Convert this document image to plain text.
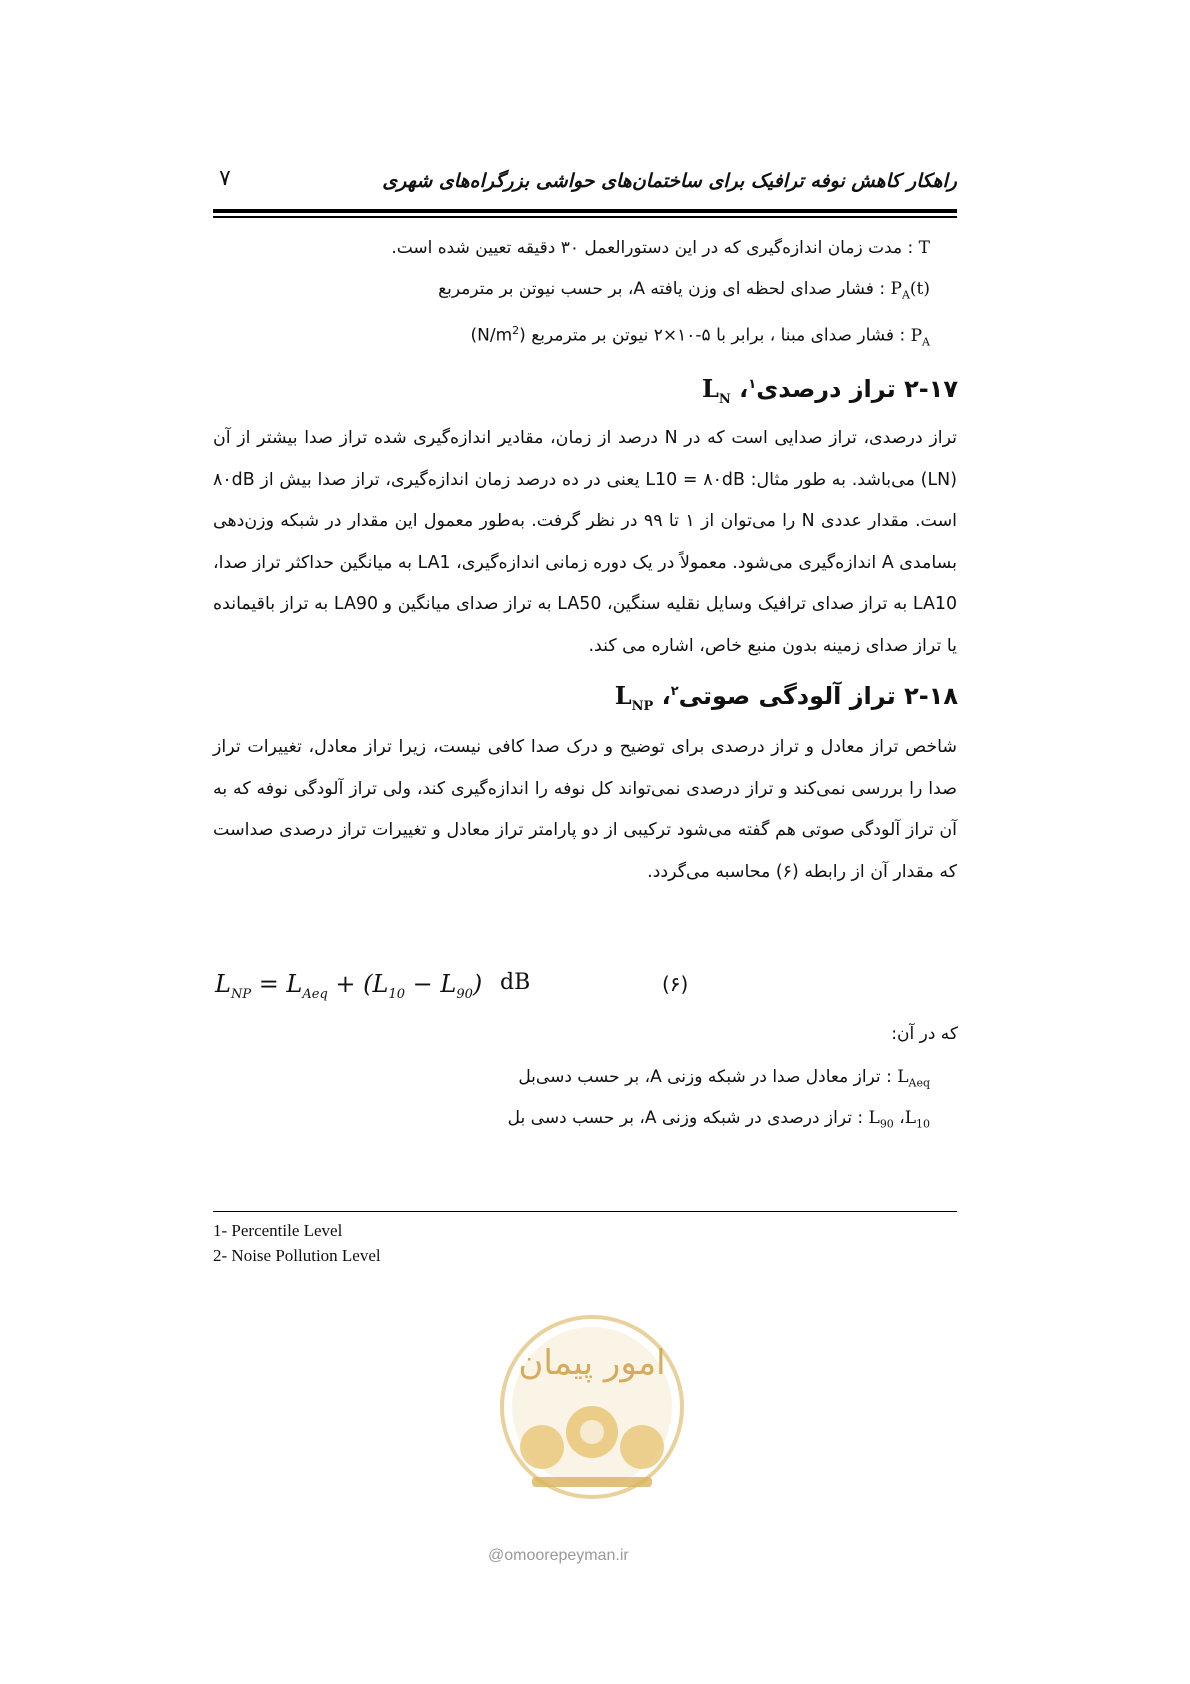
راهکار کاهش نوفه ترافیک برای ساختمان‌های حواشی بزرگراه‌های شهری
۷
T : مدت زمان اندازه‌گیری که در این دستورالعمل ۳۰ دقیقه تعیین شده است.
$P_A(t)$ : فشار صدای لحظه ای وزن یافته A، بر حسب نیوتن بر مترمربع
$P_A$ : فشار صدای مبنا ، برابر با ۵-۱۰×۲ نیوتن بر مترمربع $(N/m^2)$
۲-۱۷ تراز درصدی$^۱$، $L_N$
تراز درصدی، تراز صدایی است که در N درصد از زمان، مقادیر اندازه‌گیری شده تراز صدا بیشتر از آن (LN) می‌باشد. به طور مثال: L10 = ۸۰dB یعنی در ده درصد زمان اندازه‌گیری، تراز صدا بیش از ۸۰dB است. مقدار عددی N را می‌توان از ۱ تا ۹۹ در نظر گرفت. به‌طور معمول این مقدار در شبکه وزن‌دهی بسامدی A اندازه‌گیری می‌شود. معمولاً در یک دوره زمانی اندازه‌گیری، LA1 به میانگین حداکثر تراز صدا، LA10 به تراز صدای ترافیک وسایل نقلیه سنگین، LA50 به تراز صدای میانگین و LA90 به تراز باقیمانده یا تراز صدای زمینه بدون منبع خاص، اشاره می کند.
۲-۱۸ تراز آلودگی صوتی$^۲$، $L_{NP}$
شاخص تراز معادل و تراز درصدی برای توضیح و درک صدا کافی نیست، زیرا تراز معادل، تغییرات تراز صدا را بررسی نمی‌کند و تراز درصدی نمی‌تواند کل نوفه را اندازه‌گیری کند، ولی تراز آلودگی نوفه که به آن تراز آلودگی صوتی هم گفته می‌شود ترکیبی از دو پارامتر تراز معادل و تغییرات تراز درصدی صداست که مقدار آن از رابطه (۶) محاسبه می‌گردد.
$L_{NP} = L_{Aeq} + (L_{10} - L_{90})$ dB	(۶)
که در آن:
$L_{Aeq}$ : تراز معادل صدا در شبکه وزنی A، بر حسب دسی‌بل
$L_{90}$ $،L_{10}$ : تراز درصدی در شبکه وزنی A، بر حسب دسی بل
1- Percentile Level
2- Noise Pollution Level
امور پیمان
@omoorepeyman.ir
